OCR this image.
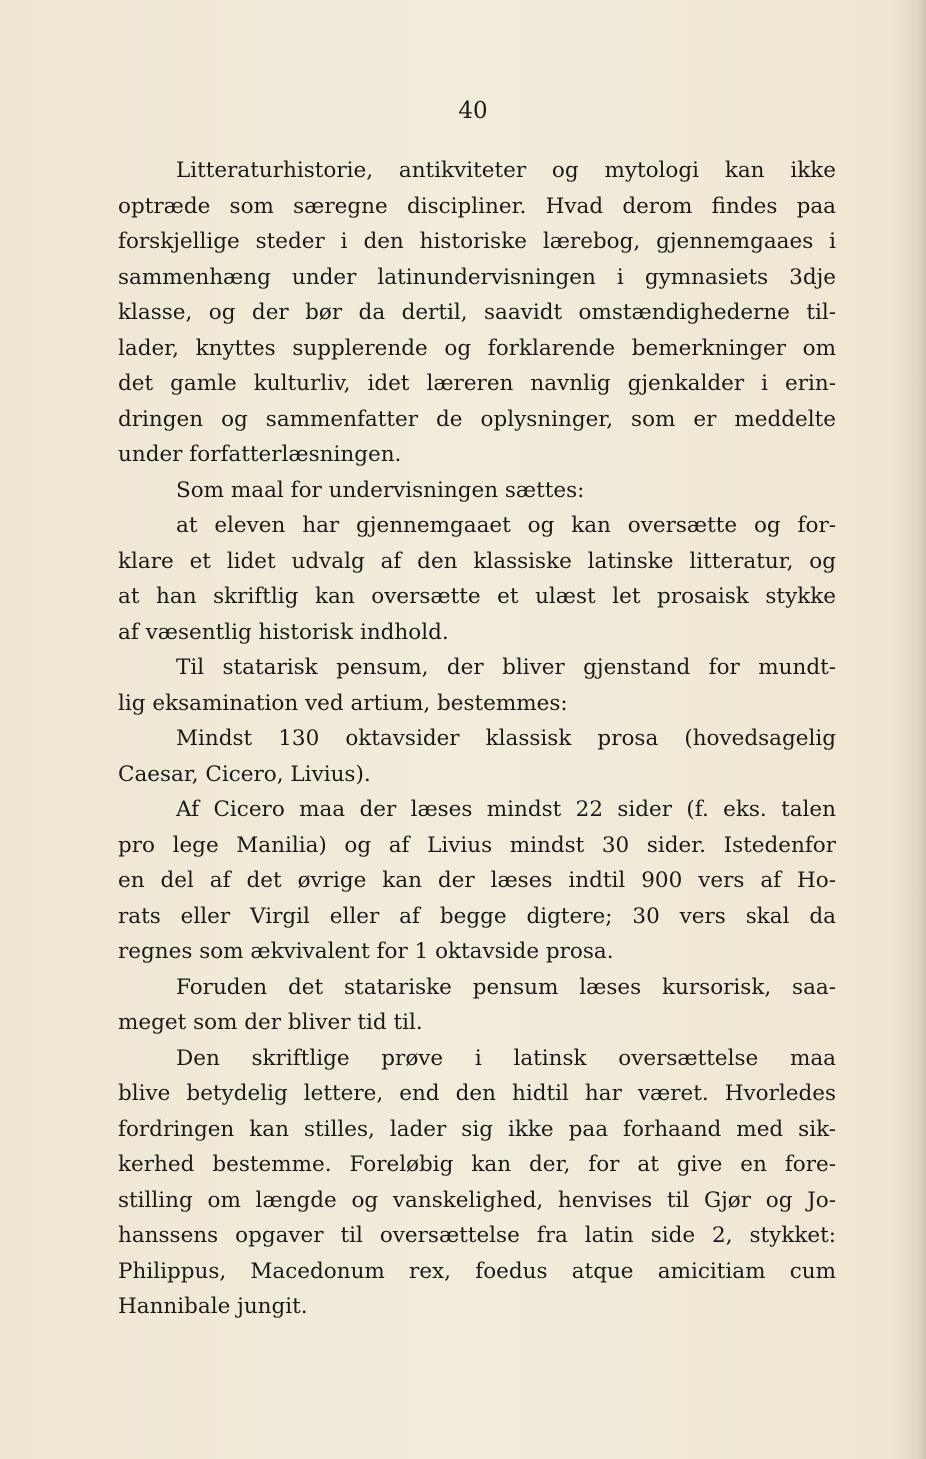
40

Litteraturhistorie, antikviteter og mytologi kan ikke
optræde som særegne discipliner. Hvad derom findes paa
forskjellige steder i den historiske lærebog, gjennemgaaes i
sammenhæng under latinundervisningen i gymnasiets 3dje
klasse, og der bør da dertil, saavidt omstændighederne til-
lader, knyttes supplerende og forklarende bemerkninger om
det gamle kulturliv, idet læreren navnlig gjenkalder i erin-
dringen og sammenfatter de oplysninger, som er meddelte
under forfatterlæsningen.
Som maal for undervisningen sættes:
at eleven har gjennemgaaet og kan oversætte og for-
klare et lidet udvalg af den klassiske latinske litteratur, og
at han skriftlig kan oversætte et ulæst let prosaisk stykke
af væsentlig historisk indhold.
Til statarisk pensum, der bliver gjenstand for mundt-
lig eksamination ved artium, bestemmes:
Mindst 130 oktavsider klassisk prosa (hovedsagelig
Caesar, Cicero, Livius).
Af Cicero maa der læses mindst 22 sider (f. eks. talen
pro lege Manilia) og af Livius mindst 30 sider. Istedenfor
en del af det øvrige kan der læses indtil 900 vers af Ho-
rats eller Virgil eller af begge digtere; 30 vers skal da
regnes som ækvivalent for 1 oktavside prosa.
Foruden det statariske pensum læses kursorisk, saa-
meget som der bliver tid til.
Den skriftlige prøve i latinsk oversættelse maa
blive betydelig lettere, end den hidtil har været. Hvorledes
fordringen kan stilles, lader sig ikke paa forhaand med sik-
kerhed bestemme. Foreløbig kan der, for at give en fore-
stilling om længde og vanskelighed, henvises til Gjør og Jo-
hanssens opgaver til oversættelse fra latin side 2, stykket:
Philippus, Macedonum rex, foedus atque amicitiam cum
Hannibale jungit.
